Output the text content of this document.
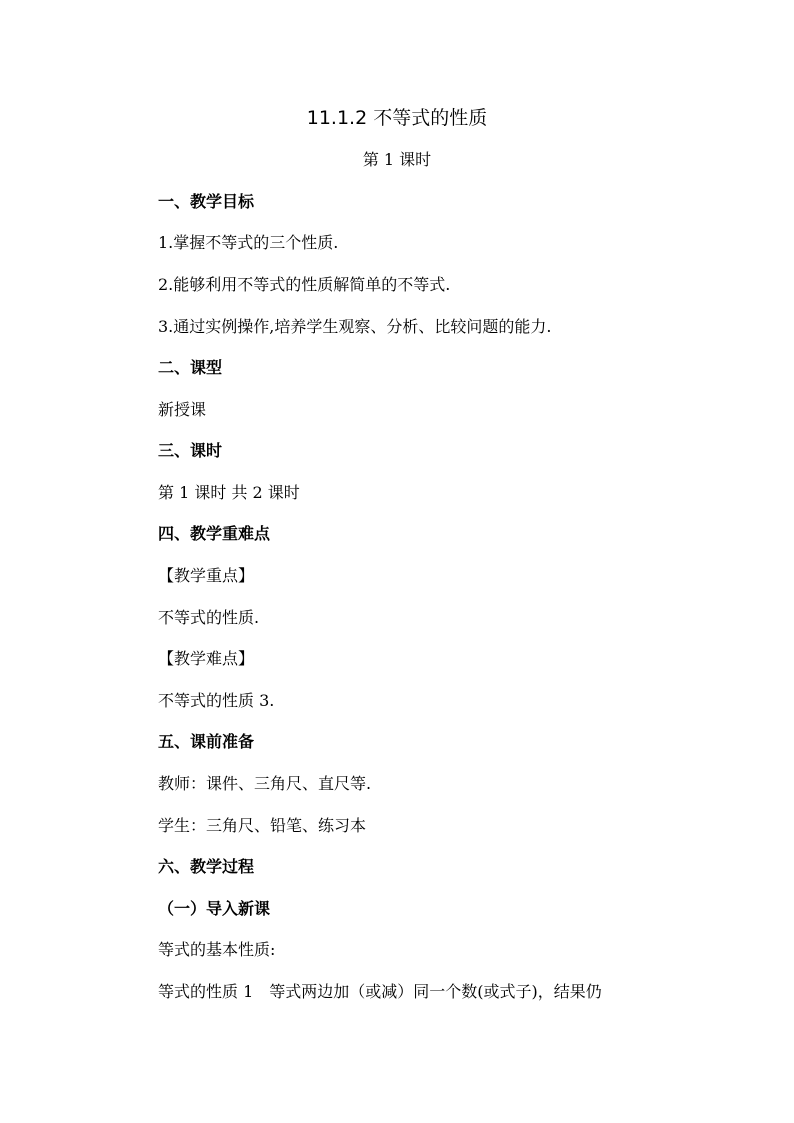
11.1.2 不等式的性质
第 1 课时
一、教学目标
1.掌握不等式的三个性质.
2.能够利用不等式的性质解简单的不等式.
3.通过实例操作,培养学生观察、分析、比较问题的能力.
二、课型
新授课
三、课时
第 1 课时 共 2 课时
四、教学重难点
【教学重点】
不等式的性质.
【教学难点】
不等式的性质 3.
五、课前准备
教师：课件、三角尺、直尺等.
学生：三角尺、铅笔、练习本
六、教学过程
（一）导入新课
等式的基本性质:
等式的性质 1　等式两边加（或减）同一个数(或式子)，结果仍
